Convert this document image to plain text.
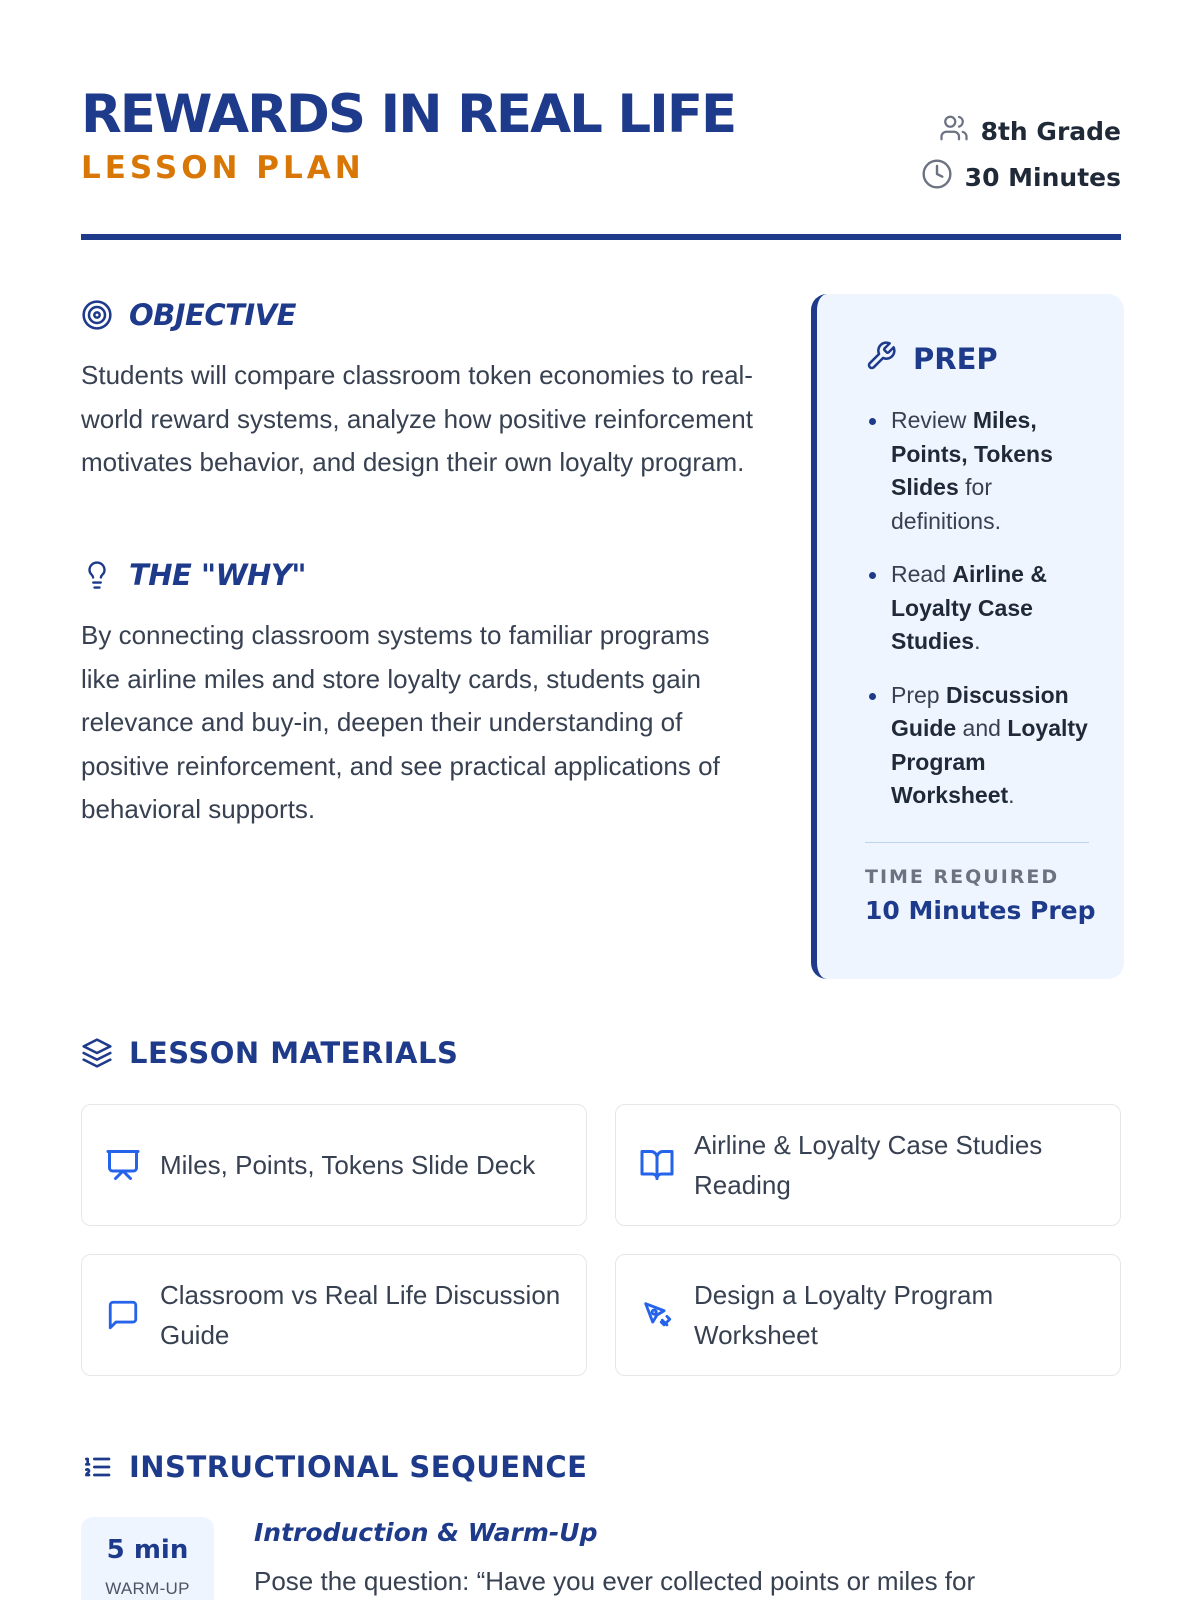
REWARDS IN REAL LIFE
LESSON PLAN
8th Grade
30 Minutes
OBJECTIVE
Students will compare classroom token economies to real-world reward systems, analyze how positive reinforcement motivates behavior, and design their own loyalty program.
THE "WHY"
By connecting classroom systems to familiar programs like airline miles and store loyalty cards, students gain relevance and buy-in, deepen their understanding of positive reinforcement, and see practical applications of behavioral supports.
PREP
Review Miles, Points, Tokens Slides for definitions.
Read Airline & Loyalty Case Studies.
Prep Discussion Guide and Loyalty Program Worksheet.
TIME REQUIRED
10 Minutes Prep
LESSON MATERIALS
Miles, Points, Tokens Slide Deck
Airline & Loyalty Case Studies Reading
Classroom vs Real Life Discussion Guide
Design a Loyalty Program Worksheet
INSTRUCTIONAL SEQUENCE
5 min
WARM-UP
Introduction & Warm-Up
Pose the question: “Have you ever collected points or miles for
